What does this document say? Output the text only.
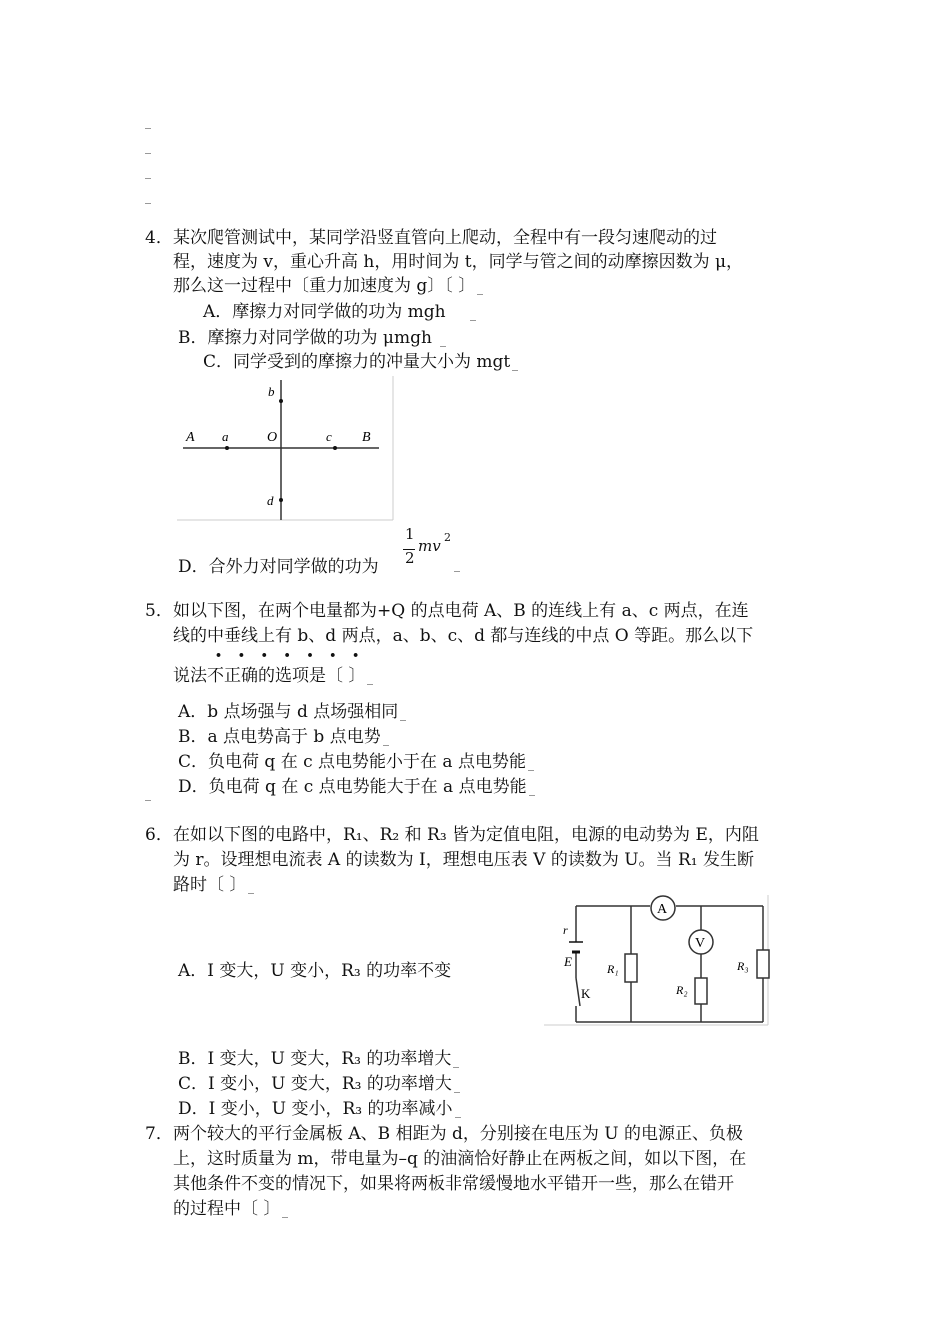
4． 某次爬管测试中，某同学沿竖直管向上爬动，全程中有一段匀速爬动的过
程，速度为 v，重心升高 h，用时间为 t，同学与管之间的动摩擦因数为 μ，
那么这一过程中〔重力加速度为 g〕〔 〕
A．摩擦力对同学做的功为 mgh
B．摩擦力对同学做的功为 μmgh
C．同学受到的摩擦力的冲量大小为 mgt
b
A a	O	c B
d
D．合外力对同学做的功为
1
2
mv 2
5． 如以下图，在两个电量都为+Q 的点电荷 A、B 的连线上有 a、c 两点，在连
线的中垂线上有 b、d 两点，a、b、c、d 都与连线的中点 O 等距。那么以下
• • • • • • •
说法不正确的选项是〔 〕
A．b 点场强与 d 点场强相同
B．a 点电势高于 b 点电势
C．负电荷 q 在 c 点电势能小于在 a 点电势能
D．负电荷 q 在 c 点电势能大于在 a 点电势能
6． 在如以下图的电路中，R₁、R₂ 和 R₃ 皆为定值电阻，电源的电动势为 E，内阻
为 r。设理想电流表 A 的读数为 I，理想电压表 V 的读数为 U。当 R₁ 发生断
路时〔 〕
A．I 变大，U 变小，R₃ 的功率不变
A
V
r
E
K
R₁
R₂
R₃
B．I 变大，U 变大，R₃ 的功率增大
C．I 变小，U 变大，R₃ 的功率增大
D．I 变小，U 变小，R₃ 的功率减小
7． 两个较大的平行金属板 A、B 相距为 d，分别接在电压为 U 的电源正、负极
上，这时质量为 m，带电量为–q 的油滴恰好静止在两板之间，如以下图，在
其他条件不变的情况下，如果将两板非常缓慢地水平错开一些，那么在错开
的过程中〔 〕
